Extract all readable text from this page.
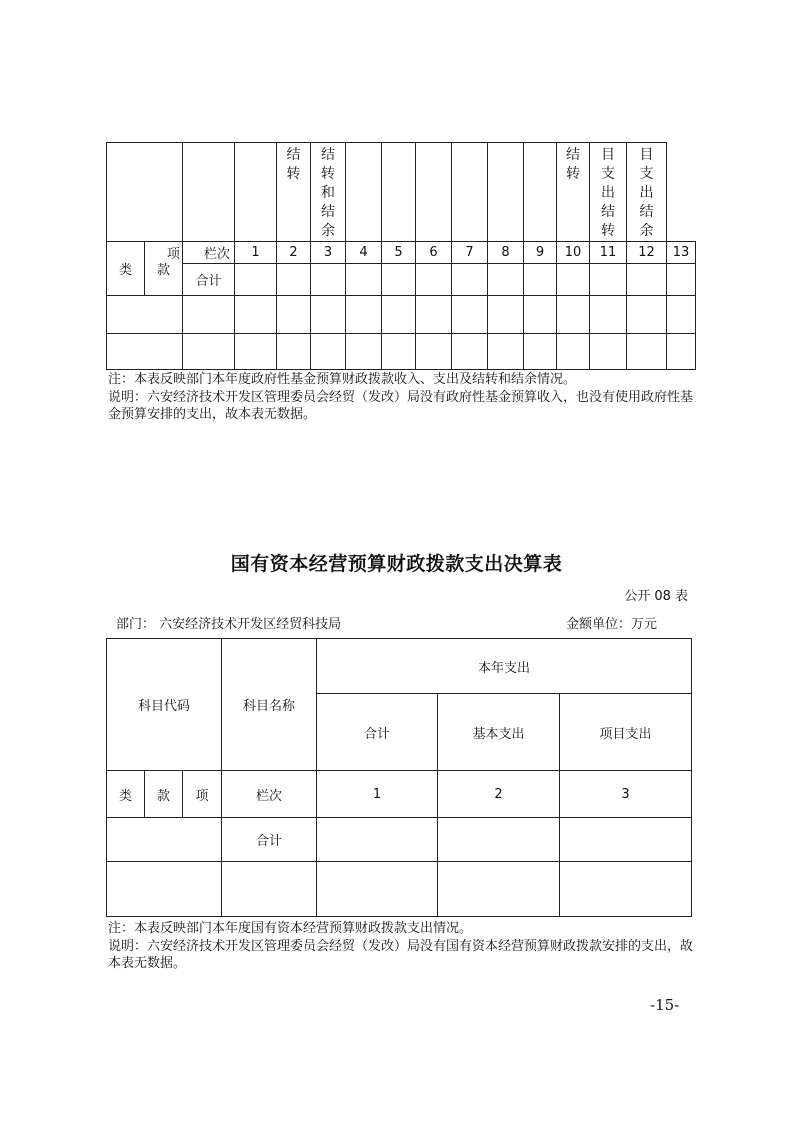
				结转	结转和结余							结转	目支出结转	目支出结余	

类	款	项 栏次	1	2	3	4	5	6	7	8	9	10	11	12	13
		合计													

注：本表反映部门本年度政府性基金预算财政拨款收入、支出及结转和结余情况。
说明：六安经济技术开发区管理委员会经贸（发改）局没有政府性基金预算收入，也没有使用政府性基金预算安排的支出，故本表无数据。
国有资本经营预算财政拨款支出决算表
公开 08 表
部门： 六安经济技术开发区经贸科技局	金额单位：万元
科目代码			科目名称	本年支出		
				合计	基本支出	项目支出
类	款	项	栏次	1	2	3
			合计			

注：本表反映部门本年度国有资本经营预算财政拨款支出情况。
说明：六安经济技术开发区管理委员会经贸（发改）局没有国有资本经营预算财政拨款安排的支出，故本表无数据。
-15-
